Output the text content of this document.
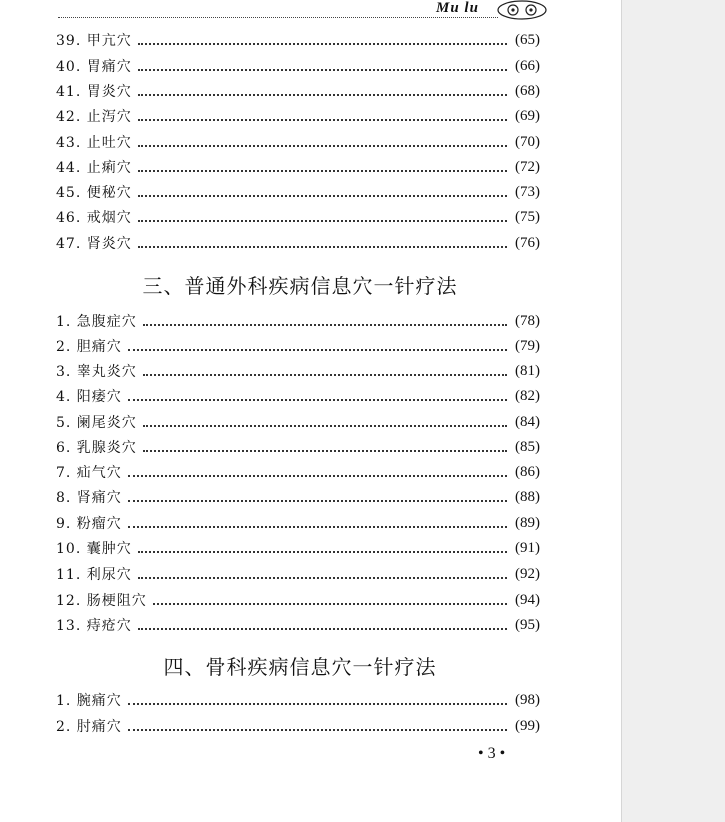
Mu lu
39. 甲亢穴	(65)
40. 胃痛穴	(66)
41. 胃炎穴	(68)
42. 止泻穴	(69)
43. 止吐穴	(70)
44. 止痢穴	(72)
45. 便秘穴	(73)
46. 戒烟穴	(75)
47. 肾炎穴	(76)
三、普通外科疾病信息穴一针疗法
1. 急腹症穴	(78)
2. 胆痛穴	(79)
3. 睾丸炎穴	(81)
4. 阳痿穴	(82)
5. 阑尾炎穴	(84)
6. 乳腺炎穴	(85)
7. 疝气穴	(86)
8. 肾痛穴	(88)
9. 粉瘤穴	(89)
10. 囊肿穴	(91)
11. 利尿穴	(92)
12. 肠梗阻穴	(94)
13. 痔疮穴	(95)
四、骨科疾病信息穴一针疗法
1. 腕痛穴	(98)
2. 肘痛穴	(99)
• 3 •
